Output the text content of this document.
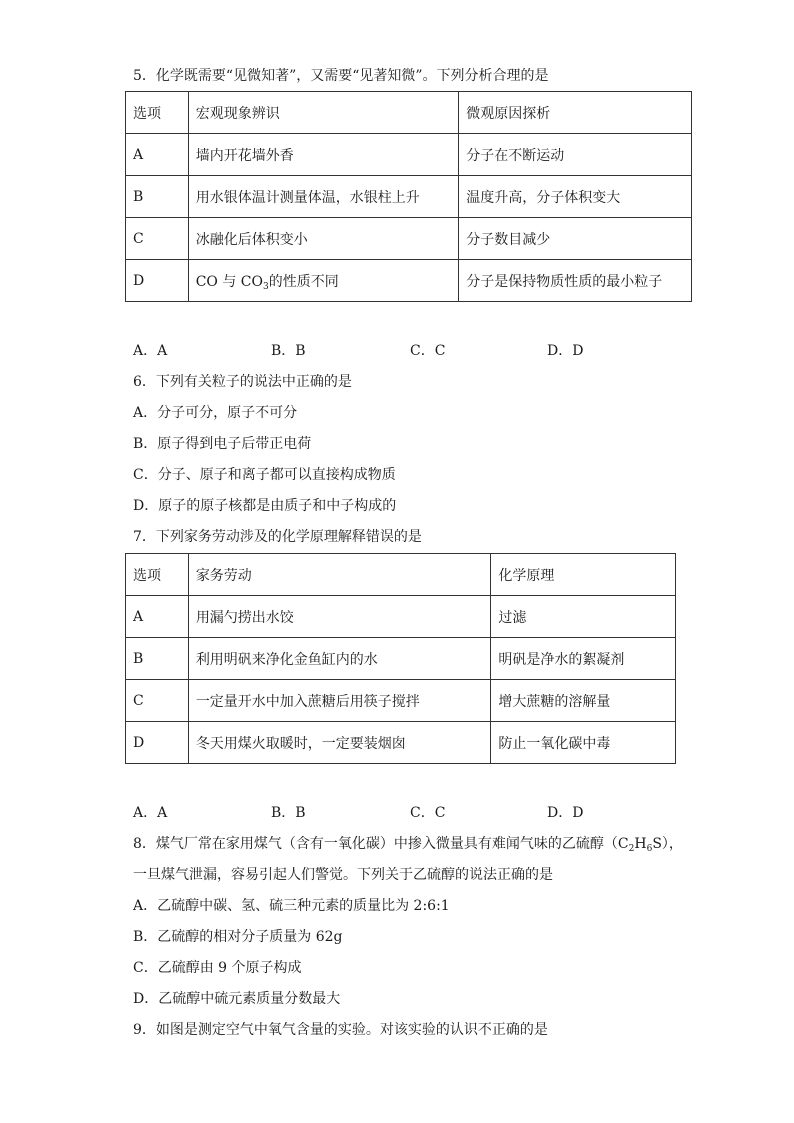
5．化学既需要“见微知著”，又需要“见著知微”。下列分析合理的是
选项	宏观现象辨识	微观原因探析
A	墙内开花墙外香	分子在不断运动
B	用水银体温计测量体温，水银柱上升	温度升高，分子体积变大
C	冰融化后体积变小	分子数目减少
D	CO 与 $CO_3$的性质不同	分子是保持物质性质的最小粒子
A．A	B．B	C．C	D．D
6．下列有关粒子的说法中正确的是
A．分子可分，原子不可分
B．原子得到电子后带正电荷
C．分子、原子和离子都可以直接构成物质
D．原子的原子核都是由质子和中子构成的
7．下列家务劳动涉及的化学原理解释错误的是
选项	家务劳动	化学原理
A	用漏勺捞出水饺	过滤
B	利用明矾来净化金鱼缸内的水	明矾是净水的絮凝剂
C	一定量开水中加入蔗糖后用筷子搅拌	增大蔗糖的溶解量
D	冬天用煤火取暖时，一定要装烟囱	防止一氧化碳中毒
A．A	B．B	C．C	D．D
8．煤气厂常在家用煤气（含有一氧化碳）中掺入微量具有难闻气味的乙硫醇$(C_2H_6S)$，
一旦煤气泄漏，容易引起人们警觉。下列关于乙硫醇的说法正确的是
A．乙硫醇中碳、氢、硫三种元素的质量比为 2:6:1
B．乙硫醇的相对分子质量为 62g
C．乙硫醇由 9 个原子构成
D．乙硫醇中硫元素质量分数最大
9．如图是测定空气中氧气含量的实验。对该实验的认识不正确的是
